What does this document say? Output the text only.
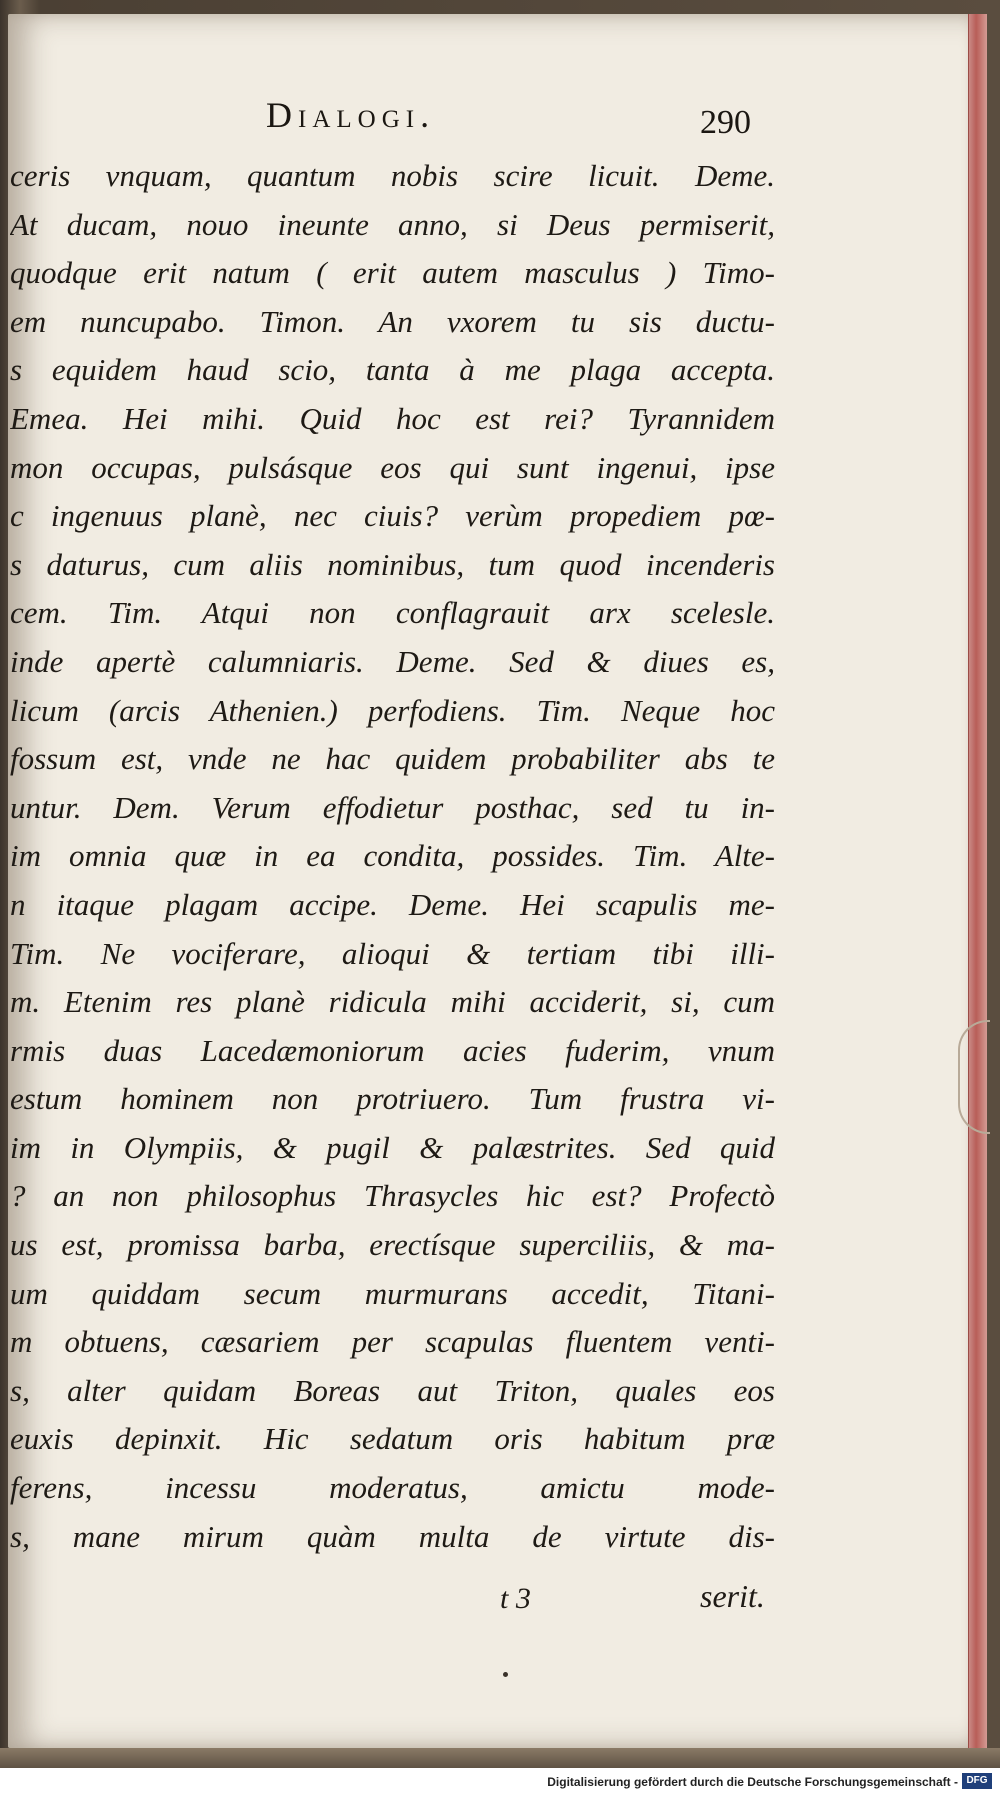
Dialogi.	290
ceris vnquam, quantum nobis scire licuit. Deme.
At ducam, nouo ineunte anno, si Deus permiserit,
quodque erit natum ( erit autem masculus ) Timo-
em nuncupabo. Timon. An vxorem tu sis ductu-
s equidem haud scio, tanta à me plaga accepta.
Emea. Hei mihi. Quid hoc est rei? Tyrannidem
mon occupas, pulsásque eos qui sunt ingenui, ipse
c ingenuus planè, nec ciuis? verùm propediem pœ-
s daturus, cum aliis nominibus, tum quod incenderis
cem. Tim. Atqui non conflagrauit arx scelesle.
inde apertè calumniaris. Deme. Sed & diues es,
licum (arcis Athenien.) perfodiens. Tim. Neque hoc
fossum est, vnde ne hac quidem probabiliter abs te
untur. Dem. Verum effodietur posthac, sed tu in-
im omnia quæ in ea condita, possides. Tim. Alte-
n itaque plagam accipe. Deme. Hei scapulis me-
Tim. Ne vociferare, alioqui & tertiam tibi illi-
m. Etenim res planè ridicula mihi acciderit, si, cum
rmis duas Lacedæmoniorum acies fuderim, vnum
estum hominem non protriuero. Tum frustra vi-
im in Olympiis, & pugil & palæstrites. Sed quid
? an non philosophus Thrasycles hic est? Profectò
us est, promissa barba, erectísque superciliis, & ma-
um quiddam secum murmurans accedit, Titani-
m obtuens, cæsariem per scapulas fluentem venti-
s, alter quidam Boreas aut Triton, quales eos
euxis depinxit. Hic sedatum oris habitum præ
ferens, incessu moderatus, amictu mode-
s, mane mirum quàm multa de virtute dis-
t 3	serit.
Digitalisierung gefördert durch die Deutsche Forschungsgemeinschaft - DFG
